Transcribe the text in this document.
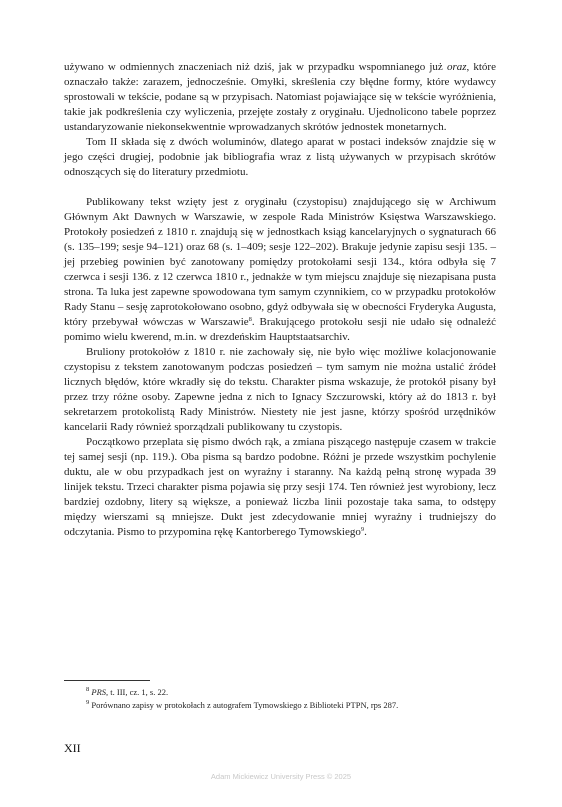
używano w odmiennych znaczeniach niż dziś, jak w przypadku wspomnianego już oraz, które oznaczało także: zarazem, jednocześnie. Omyłki, skreślenia czy błędne formy, które wydawcy sprostowali w tekście, podane są w przypisach. Natomiast pojawiające się w tekście wyróżnienia, takie jak podkreślenia czy wyliczenia, przejęte zostały z oryginału. Ujednolicono tabele poprzez ustandaryzowanie niekonsekwentnie wprowadzanych skrótów jednostek monetarnych.

Tom II składa się z dwóch woluminów, dlatego aparat w postaci indeksów znajdzie się w jego części drugiej, podobnie jak bibliografia wraz z listą używanych w przypisach skrótów odnoszących się do literatury przedmiotu.

Publikowany tekst wzięty jest z oryginału (czystopisu) znajdującego się w Archiwum Głównym Akt Dawnych w Warszawie, w zespole Rada Ministrów Księstwa Warszawskiego. Protokoły posiedzeń z 1810 r. znajdują się w jednostkach ksiąg kancelaryjnych o sygnaturach 66 (s. 135–199; sesje 94–121) oraz 68 (s. 1–409; sesje 122–202). Brakuje jedynie zapisu sesji 135. – jej przebieg powinien być zanotowany pomiędzy protokołami sesji 134., która odbyła się 7 czerwca i sesji 136. z 12 czerwca 1810 r., jednakże w tym miejscu znajduje się niezapisana pusta strona. Ta luka jest zapewne spowodowana tym samym czynnikiem, co w przypadku protokołów Rady Stanu – sesję zaprotokołowano osobno, gdyż odbywała się w obecności Fryderyka Augusta, który przebywał wówczas w Warszawie$^8$. Brakującego protokołu sesji nie udało się odnaleźć pomimo wielu kwerend, m.in. w drezdeńskim Hauptstaatsarchiv.

Bruliony protokołów z 1810 r. nie zachowały się, nie było więc możliwe kolacjonowanie czystopisu z tekstem zanotowanym podczas posiedzeń – tym samym nie można ustalić źródeł licznych błędów, które wkradły się do tekstu. Charakter pisma wskazuje, że protokół pisany był przez trzy różne osoby. Zapewne jedna z nich to Ignacy Szczurowski, który aż do 1813 r. był sekretarzem protokolistą Rady Ministrów. Niestety nie jest jasne, którzy spośród urzędników kancelarii Rady również sporządzali publikowany tu czystopis.

Początkowo przeplata się pismo dwóch rąk, a zmiana piszącego następuje czasem w trakcie tej samej sesji (np. 119.). Oba pisma są bardzo podobne. Różni je przede wszystkim pochylenie duktu, ale w obu przypadkach jest on wyraźny i staranny. Na każdą pełną stronę wypada 39 linijek tekstu. Trzeci charakter pisma pojawia się przy sesji 174. Ten również jest wyrobiony, lecz bardziej ozdobny, litery są większe, a ponieważ liczba linii pozostaje taka sama, to odstępy między wierszami są mniejsze. Dukt jest zdecydowanie mniej wyraźny i trudniejszy do odczytania. Pismo to przypomina rękę Kantorberego Tymowskiego$^9$.

$^8$ PRS, t. III, cz. 1, s. 22.
$^9$ Porównano zapisy w protokołach z autografem Tymowskiego z Biblioteki PTPN, rps 287.
XII
Adam Mickiewicz University Press © 2025
